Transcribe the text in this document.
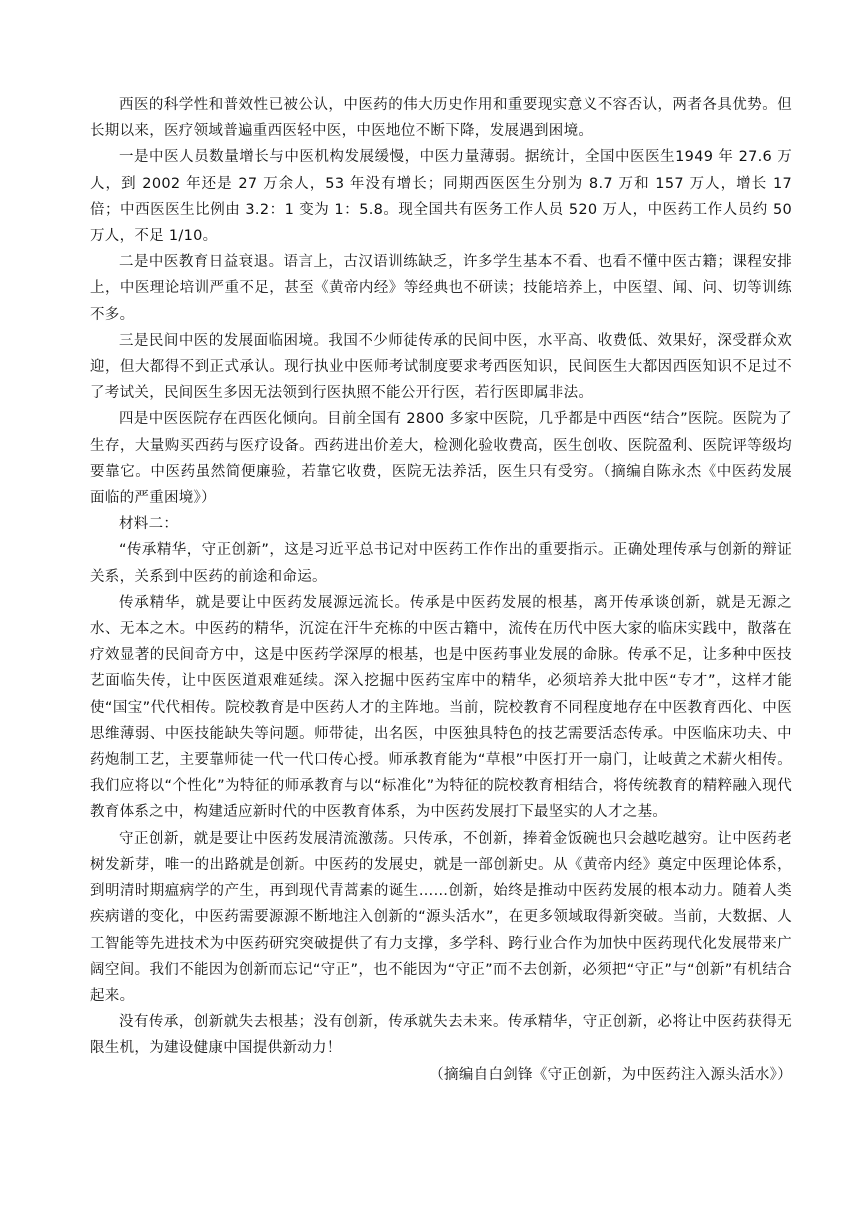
西医的科学性和普效性已被公认，中医药的伟大历史作用和重要现实意义不容否认，两者各具优势。但长期以来，医疗领域普遍重西医轻中医，中医地位不断下降，发展遇到困境。

一是中医人员数量增长与中医机构发展缓慢，中医力量薄弱。据统计，全国中医医生1949 年 27.6 万人，到 2002 年还是 27 万余人，53 年没有增长；同期西医医生分别为 8.7 万和 157 万人，增长 17 倍；中西医医生比例由 3.2：1 变为 1：5.8。现全国共有医务工作人员 520 万人，中医药工作人员约 50 万人，不足 1/10。

二是中医教育日益衰退。语言上，古汉语训练缺乏，许多学生基本不看、也看不懂中医古籍；课程安排上，中医理论培训严重不足，甚至《黄帝内经》等经典也不研读；技能培养上，中医望、闻、问、切等训练不多。

三是民间中医的发展面临困境。我国不少师徒传承的民间中医，水平高、收费低、效果好，深受群众欢迎，但大都得不到正式承认。现行执业中医师考试制度要求考西医知识，民间医生大都因西医知识不足过不了考试关，民间医生多因无法领到行医执照不能公开行医，若行医即属非法。

四是中医医院存在西医化倾向。目前全国有 2800 多家中医院，几乎都是中西医“结合”医院。医院为了生存，大量购买西药与医疗设备。西药进出价差大，检测化验收费高，医生创收、医院盈利、医院评等级均要靠它。中医药虽然简便廉验，若靠它收费，医院无法养活，医生只有受穷。（摘编自陈永杰《中医药发展面临的严重困境》）

材料二：

“传承精华，守正创新”，这是习近平总书记对中医药工作作出的重要指示。正确处理传承与创新的辩证关系，关系到中医药的前途和命运。

传承精华，就是要让中医药发展源远流长。传承是中医药发展的根基，离开传承谈创新，就是无源之水、无本之木。中医药的精华，沉淀在汗牛充栋的中医古籍中，流传在历代中医大家的临床实践中，散落在疗效显著的民间奇方中，这是中医药学深厚的根基，也是中医药事业发展的命脉。传承不足，让多种中医技艺面临失传，让中医医道艰难延续。深入挖掘中医药宝库中的精华，必须培养大批中医“专才”，这样才能使“国宝”代代相传。院校教育是中医药人才的主阵地。当前，院校教育不同程度地存在中医教育西化、中医思维薄弱、中医技能缺失等问题。师带徒，出名医，中医独具特色的技艺需要活态传承。中医临床功夫、中药炮制工艺，主要靠师徒一代一代口传心授。师承教育能为“草根”中医打开一扇门，让岐黄之术薪火相传。我们应将以“个性化”为特征的师承教育与以“标准化”为特征的院校教育相结合，将传统教育的精粹融入现代教育体系之中，构建适应新时代的中医教育体系，为中医药发展打下最坚实的人才之基。

守正创新，就是要让中医药发展清流激荡。只传承，不创新，捧着金饭碗也只会越吃越穷。让中医药老树发新芽，唯一的出路就是创新。中医药的发展史，就是一部创新史。从《黄帝内经》奠定中医理论体系，到明清时期瘟病学的产生，再到现代青蒿素的诞生……创新，始终是推动中医药发展的根本动力。随着人类疾病谱的变化，中医药需要源源不断地注入创新的“源头活水”，在更多领域取得新突破。当前，大数据、人工智能等先进技术为中医药研究突破提供了有力支撑，多学科、跨行业合作为加快中医药现代化发展带来广阔空间。我们不能因为创新而忘记“守正”，也不能因为“守正”而不去创新，必须把“守正”与“创新”有机结合起来。

没有传承，创新就失去根基；没有创新，传承就失去未来。传承精华，守正创新，必将让中医药获得无限生机，为建设健康中国提供新动力！

（摘编自白剑锋《守正创新，为中医药注入源头活水》）
